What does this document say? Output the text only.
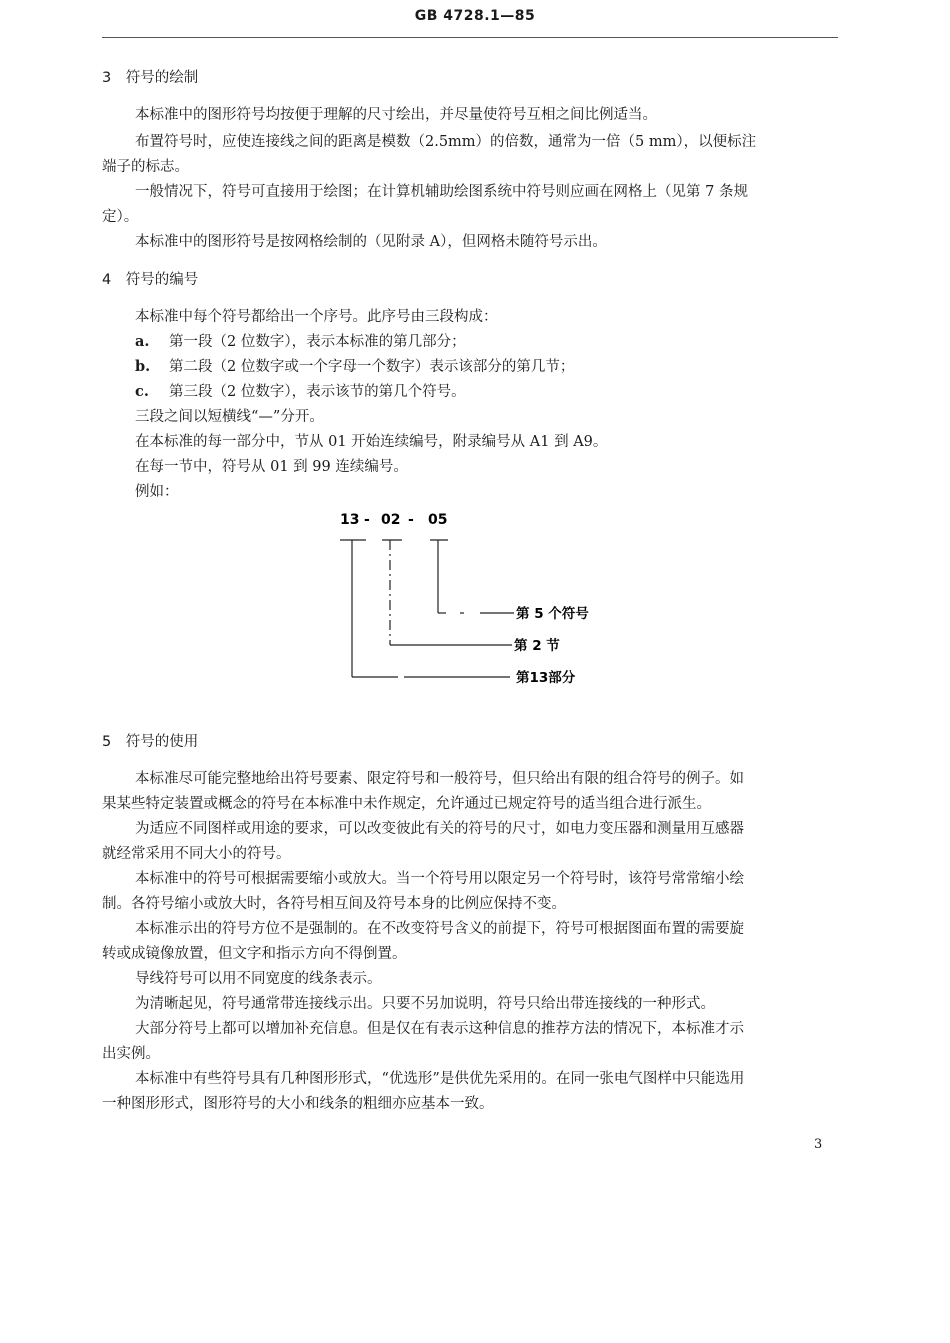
GB 4728.1—85
3　符号的绘制
本标准中的图形符号均按便于理解的尺寸绘出，并尽量使符号互相之间比例适当。
布置符号时，应使连接线之间的距离是模数（2.5mm）的倍数，通常为一倍（5 mm），以便标注
端子的标志。
一般情况下，符号可直接用于绘图；在计算机辅助绘图系统中符号则应画在网格上（见第 7 条规
定）。
本标准中的图形符号是按网格绘制的（见附录 A），但网格未随符号示出。
4　符号的编号
本标准中每个符号都给出一个序号。此序号由三段构成：
a. 第一段（2 位数字），表示本标准的第几部分；
b. 第二段（2 位数字或一个字母一个数字）表示该部分的第几节；
c. 第三段（2 位数字），表示该节的第几个符号。
三段之间以短横线“—”分开。
在本标准的每一部分中，节从 01 开始连续编号，附录编号从 A1 到 A9。
在每一节中，符号从 01 到 99 连续编号。
例如：
13 - 02 - 05
第 5 个符号
第 2 节
第13部分
5　符号的使用
本标准尽可能完整地给出符号要素、限定符号和一般符号，但只给出有限的组合符号的例子。如
果某些特定装置或概念的符号在本标准中未作规定，允许通过已规定符号的适当组合进行派生。
为适应不同图样或用途的要求，可以改变彼此有关的符号的尺寸，如电力变压器和测量用互感器
就经常采用不同大小的符号。
本标准中的符号可根据需要缩小或放大。当一个符号用以限定另一个符号时，该符号常常缩小绘
制。各符号缩小或放大时，各符号相互间及符号本身的比例应保持不变。
本标准示出的符号方位不是强制的。在不改变符号含义的前提下，符号可根据图面布置的需要旋
转或成镜像放置，但文字和指示方向不得倒置。
导线符号可以用不同宽度的线条表示。
为清晰起见，符号通常带连接线示出。只要不另加说明，符号只给出带连接线的一种形式。
大部分符号上都可以增加补充信息。但是仅在有表示这种信息的推荐方法的情况下，本标准才示
出实例。
本标准中有些符号具有几种图形形式，“优选形”是供优先采用的。在同一张电气图样中只能选用
一种图形形式，图形符号的大小和线条的粗细亦应基本一致。
3
